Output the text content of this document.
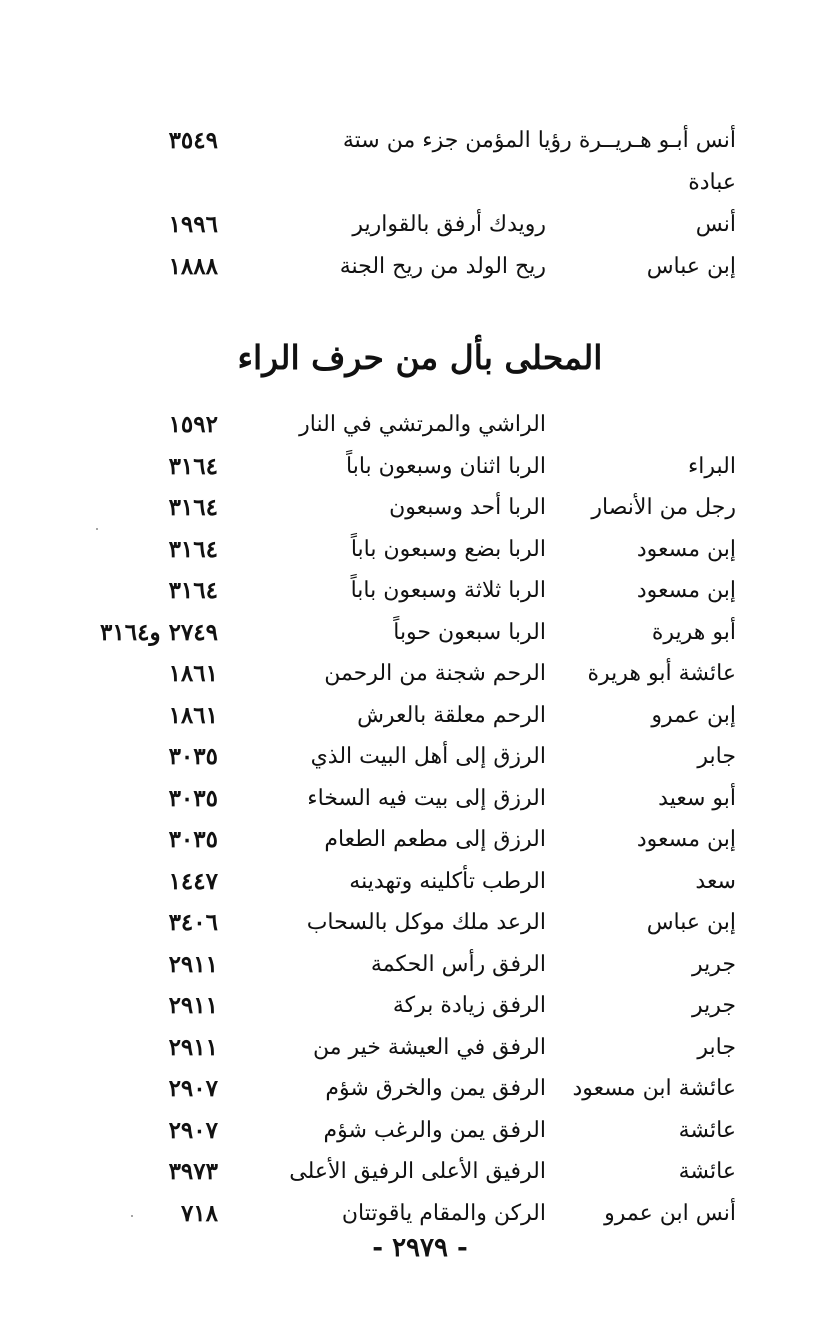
أنس أبـو هـريــرة رؤيا المؤمن جزء من ستة
٣٥٤٩
عبادة
أنس
رويدك أرفق بالقوارير
١٩٩٦
إبن عباس
ريح الولد من ريح الجنة
١٨٨٨
المحلى بأل من حرف الراء
الراشي والمرتشي في النار
١٥٩٢
البراء
الربا اثنان وسبعون باباً
٣١٦٤
رجل من الأنصار
الربا أحد وسبعون
٣١٦٤
إبن مسعود
الربا بضع وسبعون باباً
٣١٦٤
إبن مسعود
الربا ثلاثة وسبعون باباً
٣١٦٤
أبو هريرة
الربا سبعون حوباً
٢٧٤٩ و٣١٦٤
عائشة أبو هريرة
الرحم شجنة من الرحمن
١٨٦١
إبن عمرو
الرحم معلقة بالعرش
١٨٦١
جابر
الرزق إلى أهل البيت الذي
٣٠٣٥
أبو سعيد
الرزق إلى بيت فيه السخاء
٣٠٣٥
إبن مسعود
الرزق إلى مطعم الطعام
٣٠٣٥
سعد
الرطب تأكلينه وتهدينه
١٤٤٧
إبن عباس
الرعد ملك موكل بالسحاب
٣٤٠٦
جرير
الرفق رأس الحكمة
٢٩١١
جرير
الرفق زيادة بركة
٢٩١١
جابر
الرفق في العيشة خير من
٢٩١١
عائشة ابن مسعود
الرفق يمن والخرق شؤم
٢٩٠٧
عائشة
الرفق يمن والرغب شؤم
٢٩٠٧
عائشة
الرفيق الأعلى الرفيق الأعلى
٣٩٧٣
أنس ابن عمرو
الركن والمقام ياقوتتان
٧١٨
- ٢٩٧٩ -
